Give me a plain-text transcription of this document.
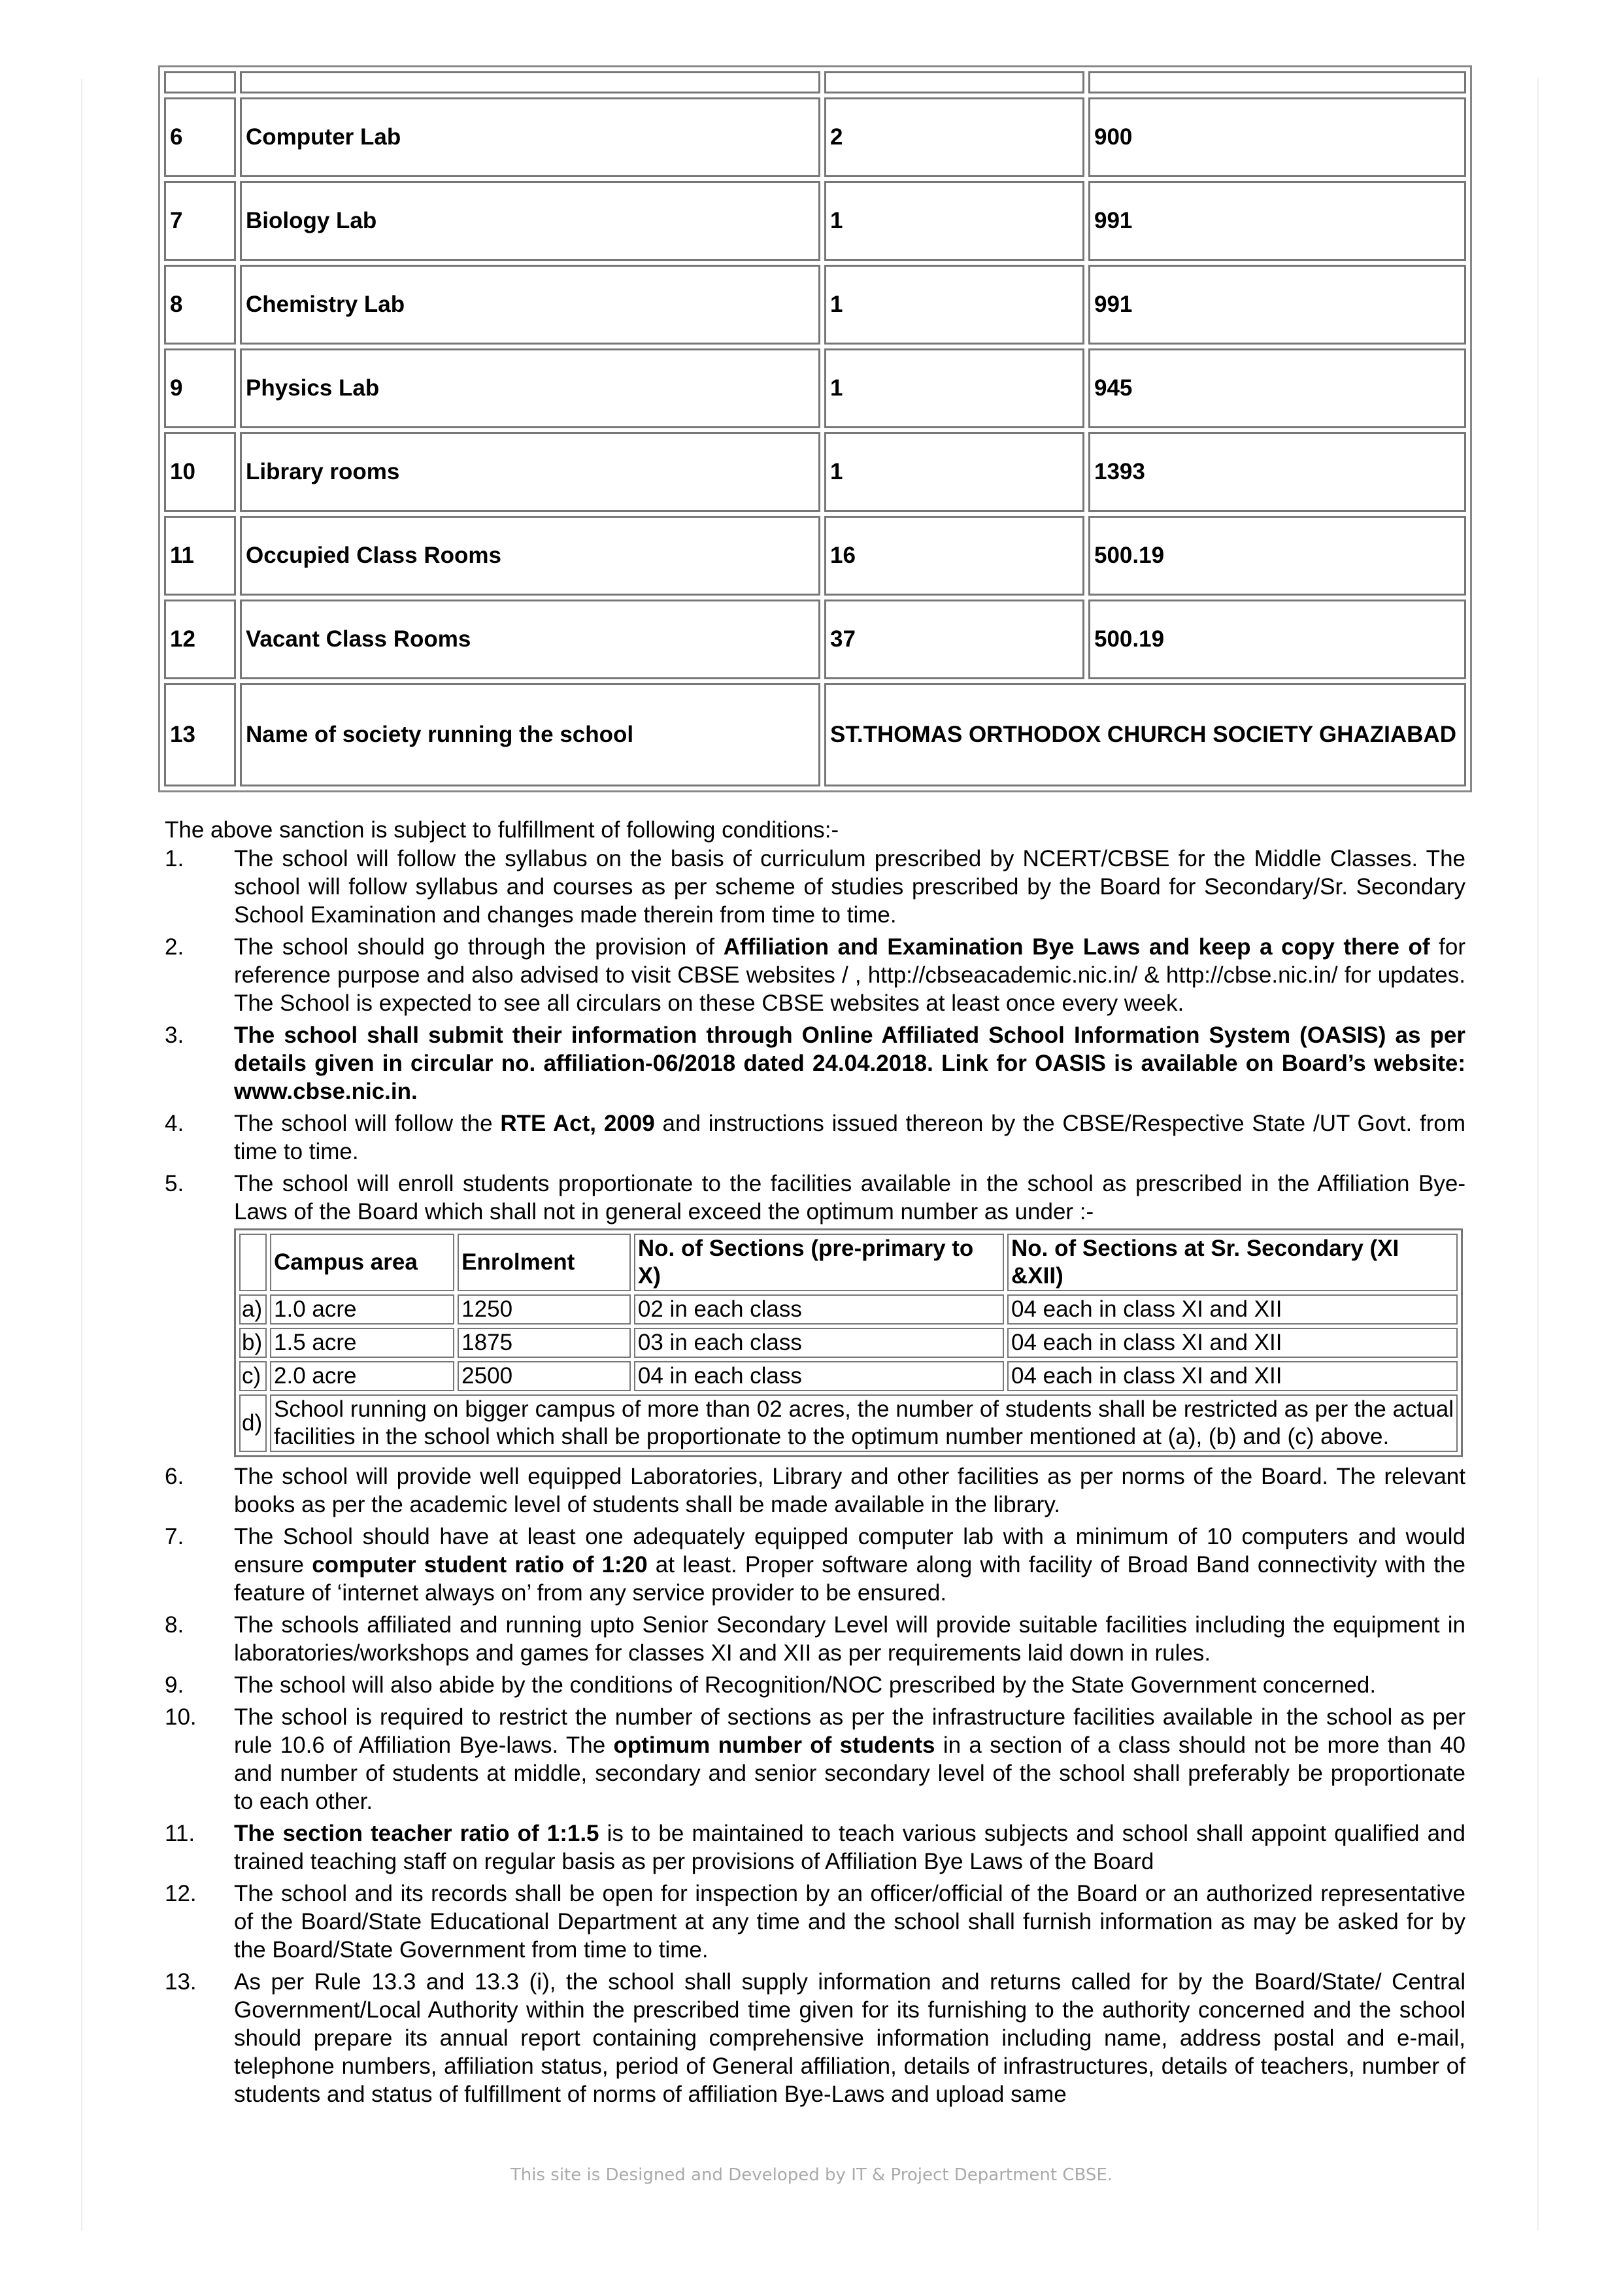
6	Computer Lab	2	900
7	Biology Lab	1	991
8	Chemistry Lab	1	991
9	Physics Lab	1	945
10	Library rooms	1	1393
11	Occupied Class Rooms	16	500.19
12	Vacant Class Rooms	37	500.19
13	Name of society running the school	ST.THOMAS ORTHODOX CHURCH SOCIETY GHAZIABAD	
The above sanction is subject to fulfillment of following conditions:-
1.	The school will follow the syllabus on the basis of curriculum prescribed by NCERT/CBSE for the Middle Classes. The school will follow syllabus and courses as per scheme of studies prescribed by the Board for Secondary/Sr. Secondary School Examination and changes made therein from time to time.
2.	The school should go through the provision of Affiliation and Examination Bye Laws and keep a copy there of for reference purpose and also advised to visit CBSE websites / , http://cbseacademic.nic.in/ & http://cbse.nic.in/ for updates. The School is expected to see all circulars on these CBSE websites at least once every week.
3.	The school shall submit their information through Online Affiliated School Information System (OASIS) as per details given in circular no. affiliation-06/2018 dated 24.04.2018. Link for OASIS is available on Board’s website: www.cbse.nic.in.
4.	The school will follow the RTE Act, 2009 and instructions issued thereon by the CBSE/Respective State /UT Govt. from time to time.
5.	The school will enroll students proportionate to the facilities available in the school as prescribed in the Affiliation Bye-Laws of the Board which shall not in general exceed the optimum number as under :-
	Campus area	Enrolment	No. of Sections (pre-primary to X)	No. of Sections at Sr. Secondary (XI &XII)
a)	1.0 acre	1250	02 in each class	04 each in class XI and XII
b)	1.5 acre	1875	03 in each class	04 each in class XI and XII
c)	2.0 acre	2500	04 in each class	04 each in class XI and XII
d)	School running on bigger campus of more than 02 acres, the number of students shall be restricted as per the actual facilities in the school which shall be proportionate to the optimum number mentioned at (a), (b) and (c) above.			
6.	The school will provide well equipped Laboratories, Library and other facilities as per norms of the Board. The relevant books as per the academic level of students shall be made available in the library.
7.	The School should have at least one adequately equipped computer lab with a minimum of 10 computers and would ensure computer student ratio of 1:20 at least. Proper software along with facility of Broad Band connectivity with the feature of ‘internet always on’ from any service provider to be ensured.
8.	The schools affiliated and running upto Senior Secondary Level will provide suitable facilities including the equipment in laboratories/workshops and games for classes XI and XII as per requirements laid down in rules.
9.	The school will also abide by the conditions of Recognition/NOC prescribed by the State Government concerned.
10.	The school is required to restrict the number of sections as per the infrastructure facilities available in the school as per rule 10.6 of Affiliation Bye-laws. The optimum number of students in a section of a class should not be more than 40 and number of students at middle, secondary and senior secondary level of the school shall preferably be proportionate to each other.
11.	The section teacher ratio of 1:1.5 is to be maintained to teach various subjects and school shall appoint qualified and trained teaching staff on regular basis as per provisions of Affiliation Bye Laws of the Board
12.	The school and its records shall be open for inspection by an officer/official of the Board or an authorized representative of the Board/State Educational Department at any time and the school shall furnish information as may be asked for by the Board/State Government from time to time.
13.	As per Rule 13.3 and 13.3 (i), the school shall supply information and returns called for by the Board/State/ Central Government/Local Authority within the prescribed time given for its furnishing to the authority concerned and the school should prepare its annual report containing comprehensive information including name, address postal and e-mail, telephone numbers, affiliation status, period of General affiliation, details of infrastructures, details of teachers, number of students and status of fulfillment of norms of affiliation Bye-Laws and upload same
This site is Designed and Developed by IT & Project Department CBSE.
